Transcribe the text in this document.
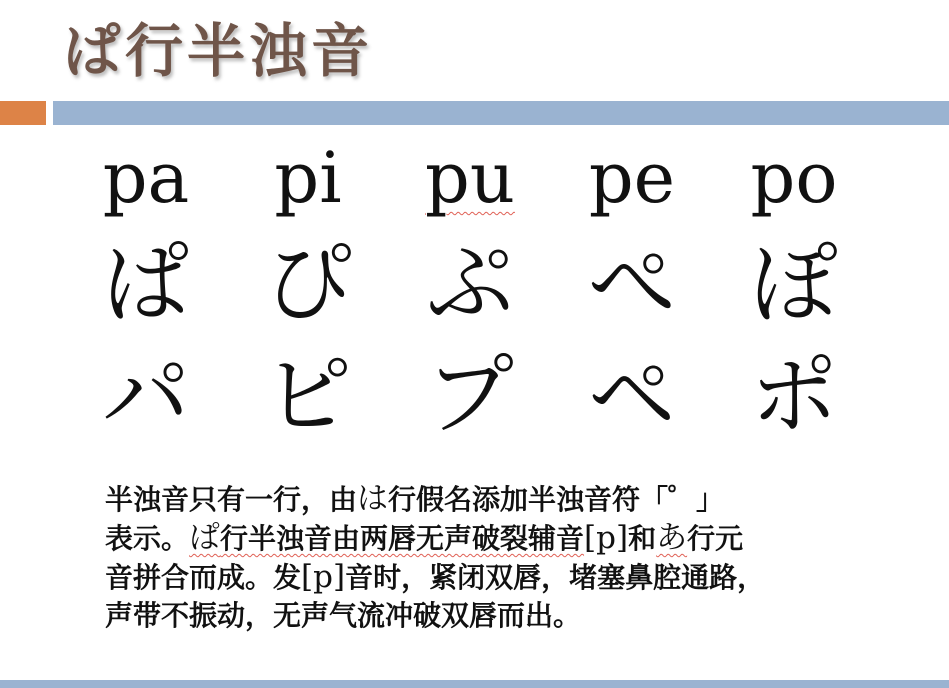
ぱ行半浊音
pa	pi	pu	pe	po
ぱ ぴ ぷ ぺ ぽ
パ ピ プ ペ ポ
半浊音只有一行，由は行假名添加半浊音符「゜」
表示。ぱ行半浊音由两唇无声破裂辅音[p]和あ行元
音拼合而成。发[p]音时，紧闭双唇，堵塞鼻腔通路，
声带不振动，无声气流冲破双唇而出。
